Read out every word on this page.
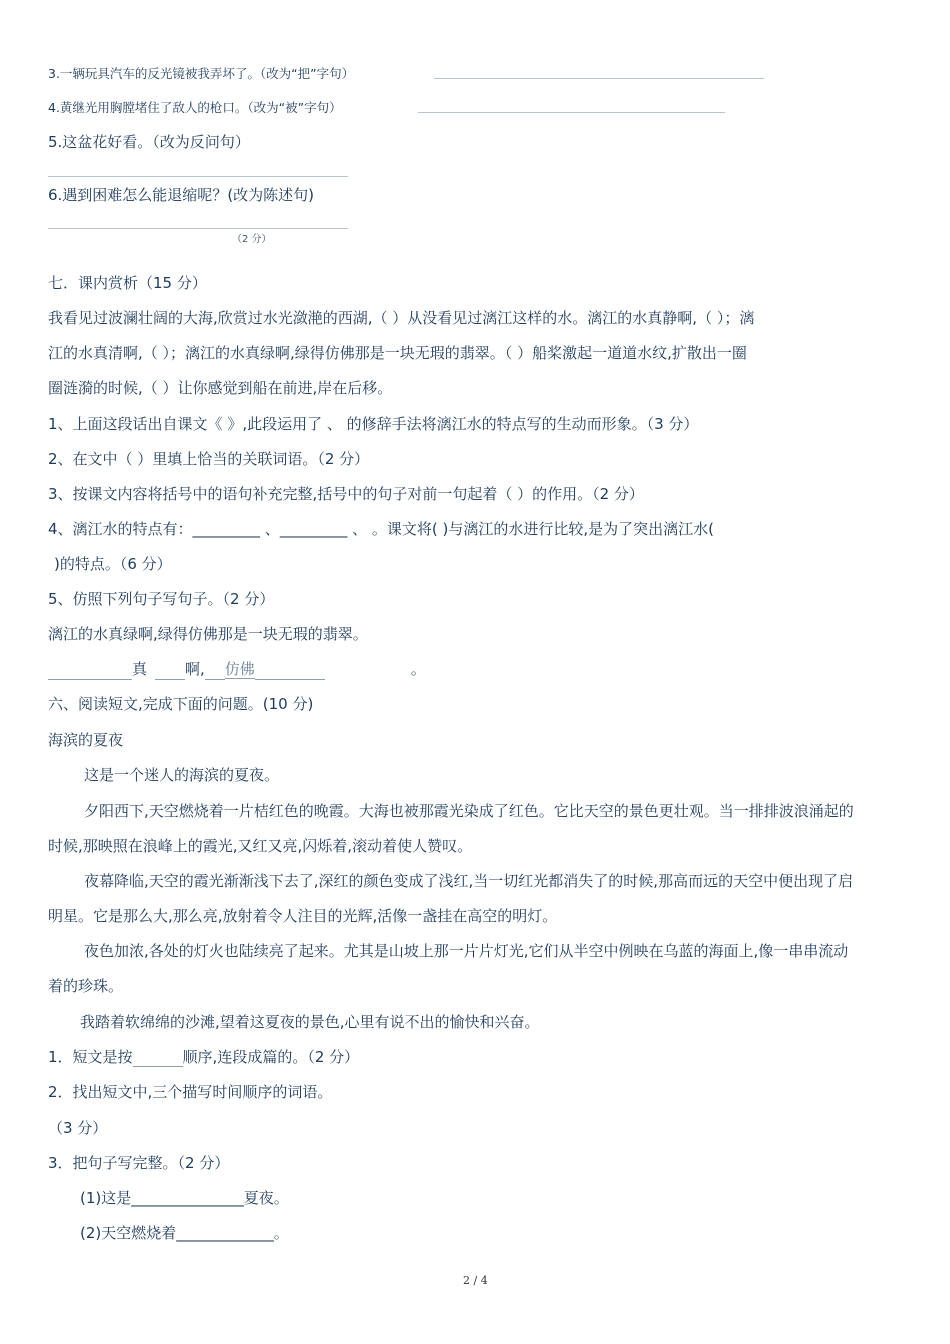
3.一辆玩具汽车的反光镜被我弄坏了。（改为“把”字句）
4.黄继光用胸膛堵住了敌人的枪口。（改为“被”字句）
5.这盆花好看。（改为反问句）
6.遇到困难怎么能退缩呢？(改为陈述句)
（2 分）
七．课内赏析（15 分）
我看见过波澜壮阔的大海,欣赏过水光潋滟的西湖,（ ）从没看见过漓江这样的水。漓江的水真静啊,（ ）；漓
江的水真清啊,（ ）；漓江的水真绿啊,绿得仿佛那是一块无瑕的翡翠。（ ）船桨激起一道道水纹,扩散出一圈
圈涟漪的时候,（ ）让你感觉到船在前进,岸在后移。
1、上面这段话出自课文《 》,此段运用了 、 的修辞手法将漓江水的特点写的生动而形象。（3 分）
2、在文中（ ）里填上恰当的关联词语。（2 分）
3、按课文内容将括号中的语句补充完整,括号中的句子对前一句起着（ ）的作用。（2 分）
4、漓江水的特点有：_________ 、_________ 、 。课文将( )与漓江的水进行比较,是为了突出漓江水(
)的特点。（6 分）
5、仿照下列句子写句子。（2 分）
漓江的水真绿啊,绿得仿佛那是一块无瑕的翡翠。
真	啊, 仿佛	。
六、阅读短文,完成下面的问题。(10 分)
海滨的夏夜
这是一个迷人的海滨的夏夜。
夕阳西下,天空燃烧着一片桔红色的晚霞。大海也被那霞光染成了红色。它比天空的景色更壮观。当一排排波浪涌起的
时候,那映照在浪峰上的霞光,又红又亮,闪烁着,滚动着使人赞叹。
夜幕降临,天空的霞光渐渐浅下去了,深红的颜色变成了浅红,当一切红光都消失了的时候,那高而远的天空中便出现了启
明星。它是那么大,那么亮,放射着令人注目的光辉,活像一盏挂在高空的明灯。
夜色加浓,各处的灯火也陆续亮了起来。尤其是山坡上那一片片灯光,它们从半空中例映在乌蓝的海面上,像一串串流动
着的珍珠。
我踏着软绵绵的沙滩,望着这夏夜的景色,心里有说不出的愉快和兴奋。
1．短文是按	顺序,连段成篇的。（2 分）
2．找出短文中,三个描写时间顺序的词语。
（3 分）
3．把句子写完整。（2 分）
(1)这是_______________夏夜。
(2)天空燃烧着_____________。
2 / 4
